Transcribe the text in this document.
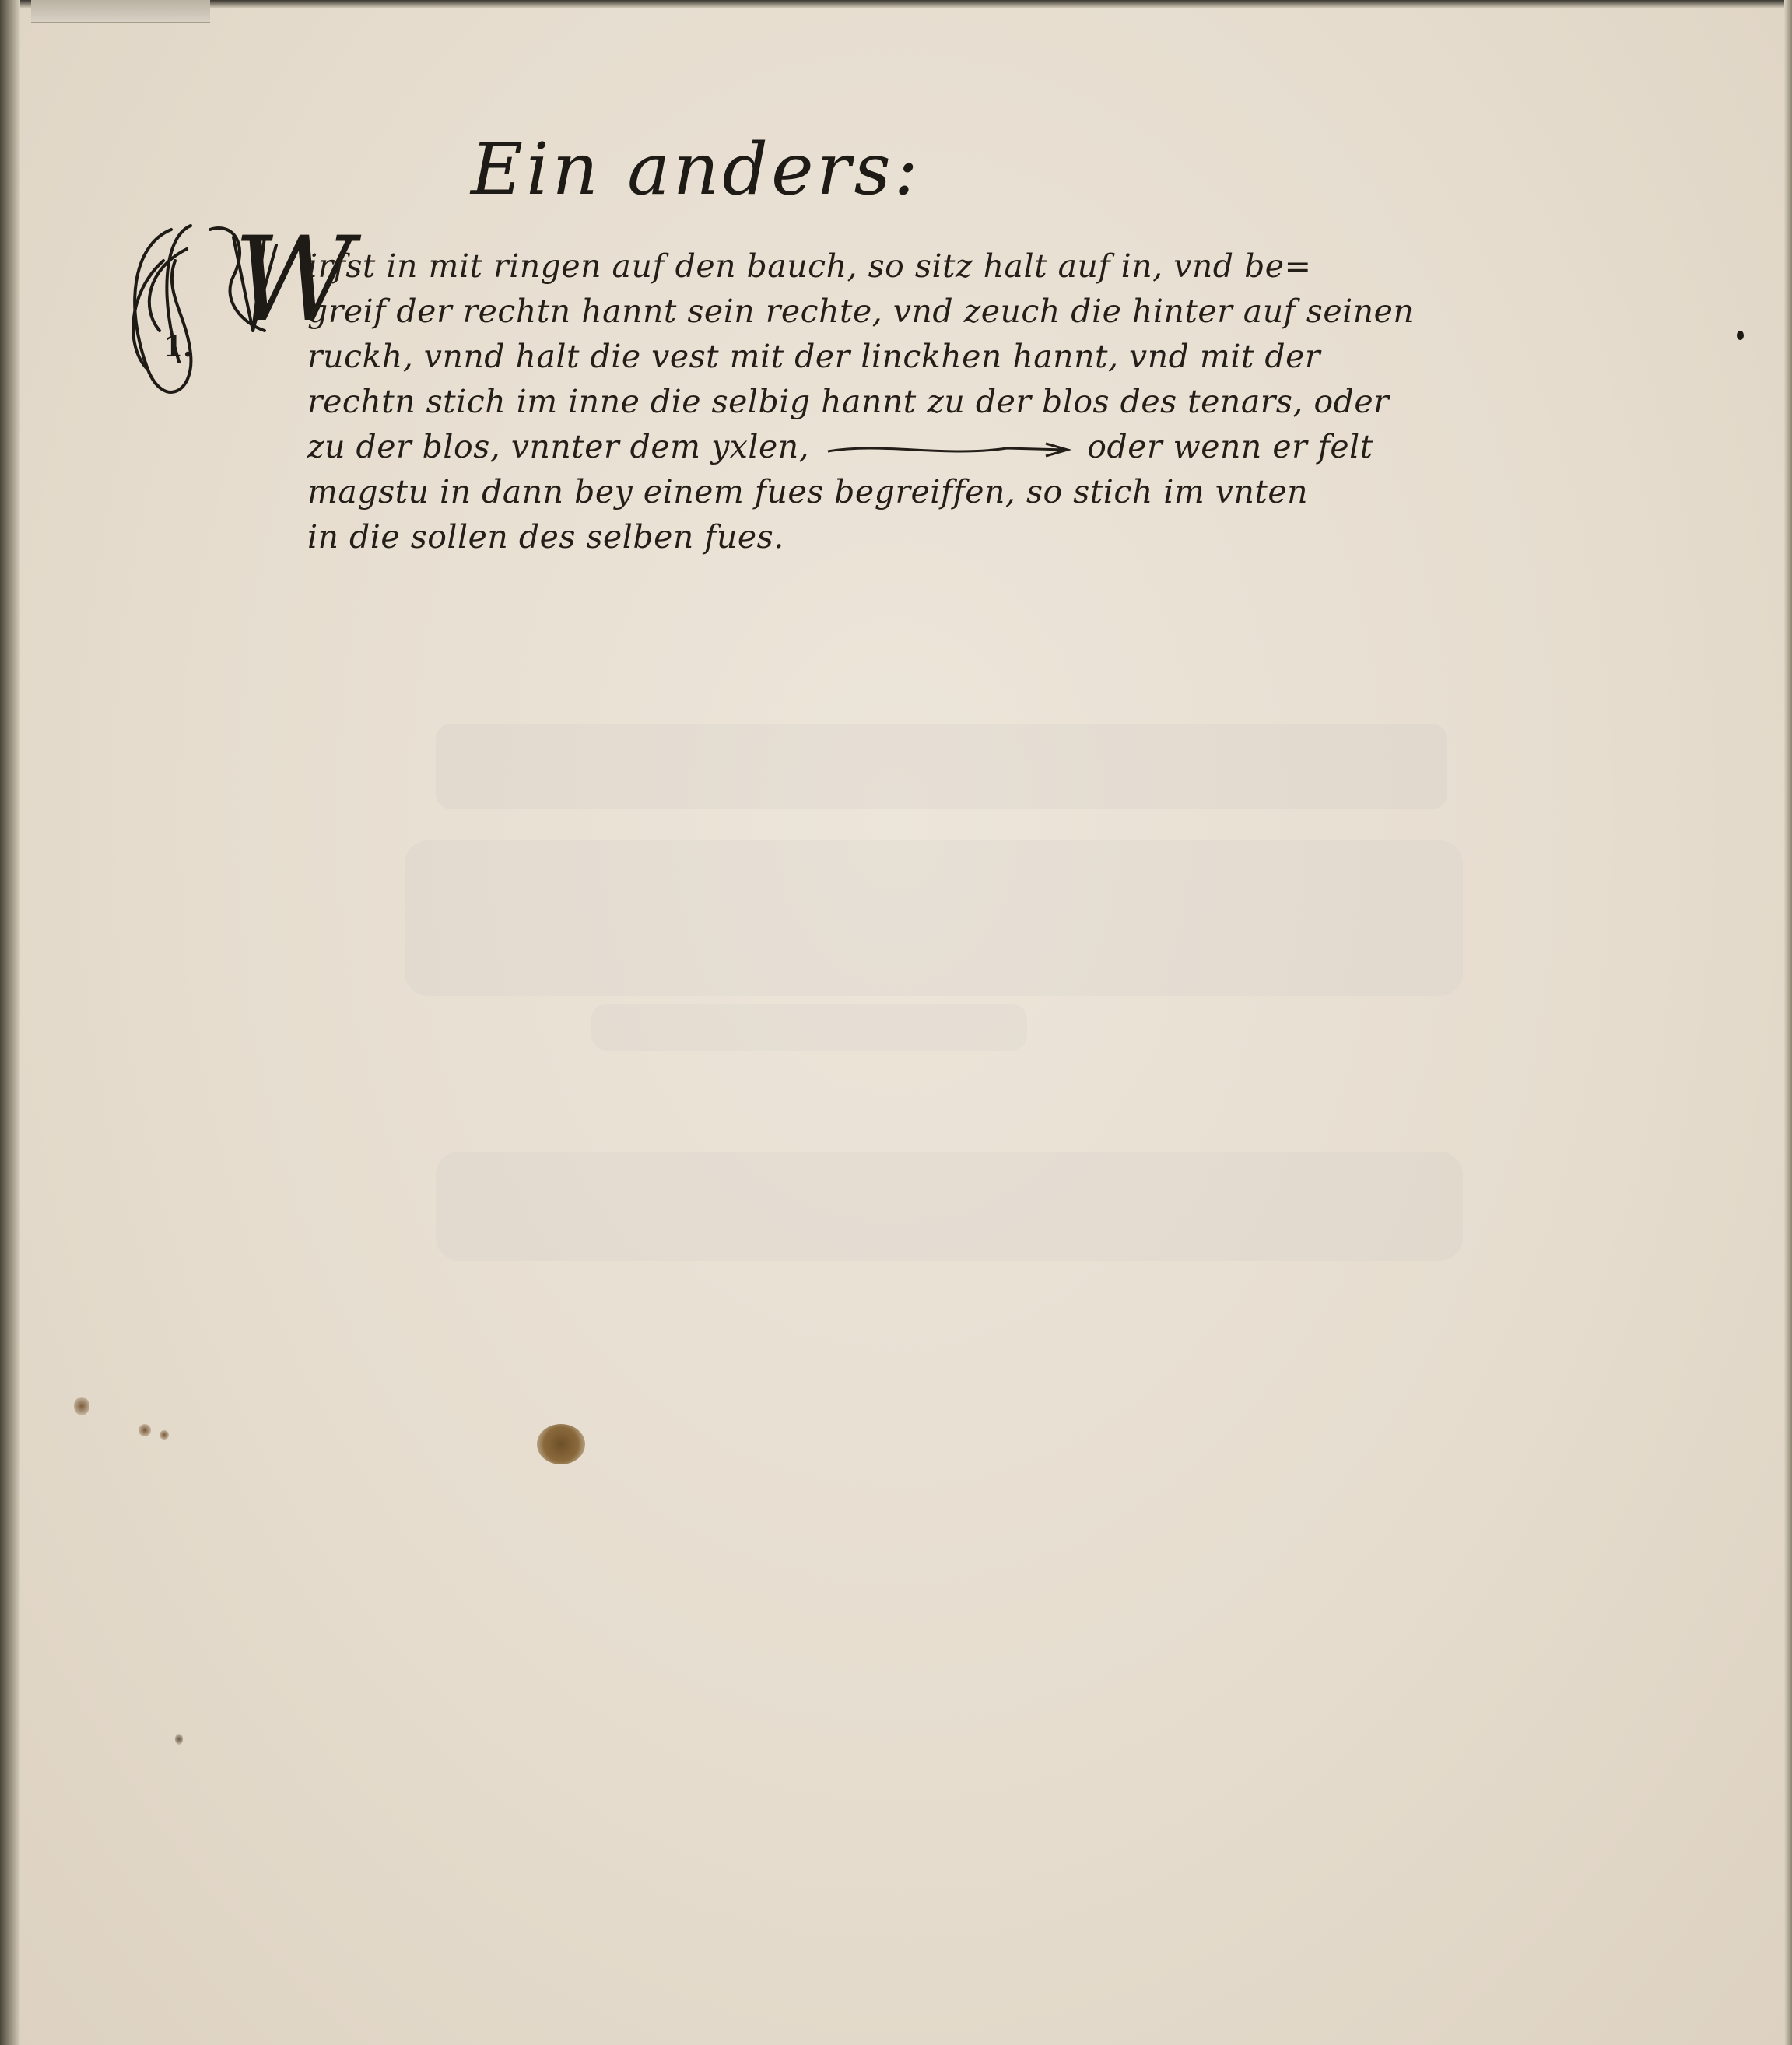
Ein anders:
1. W
irfst in mit ringen auf den bauch, so sitz halt auf in, vnd be=
greif der rechtn hannt sein rechte, vnd zeuch die hinter auf seinen
ruckh, vnnd halt die vest mit der linckhen hannt, vnd mit der
rechtn stich im inne die selbig hannt zu der blos des tenars, oder
zu der blos, vnnter dem yxlen,	oder wenn er felt
magstu in dann bey einem fues begreiffen, so stich im vnten
in die sollen des selben fues.
